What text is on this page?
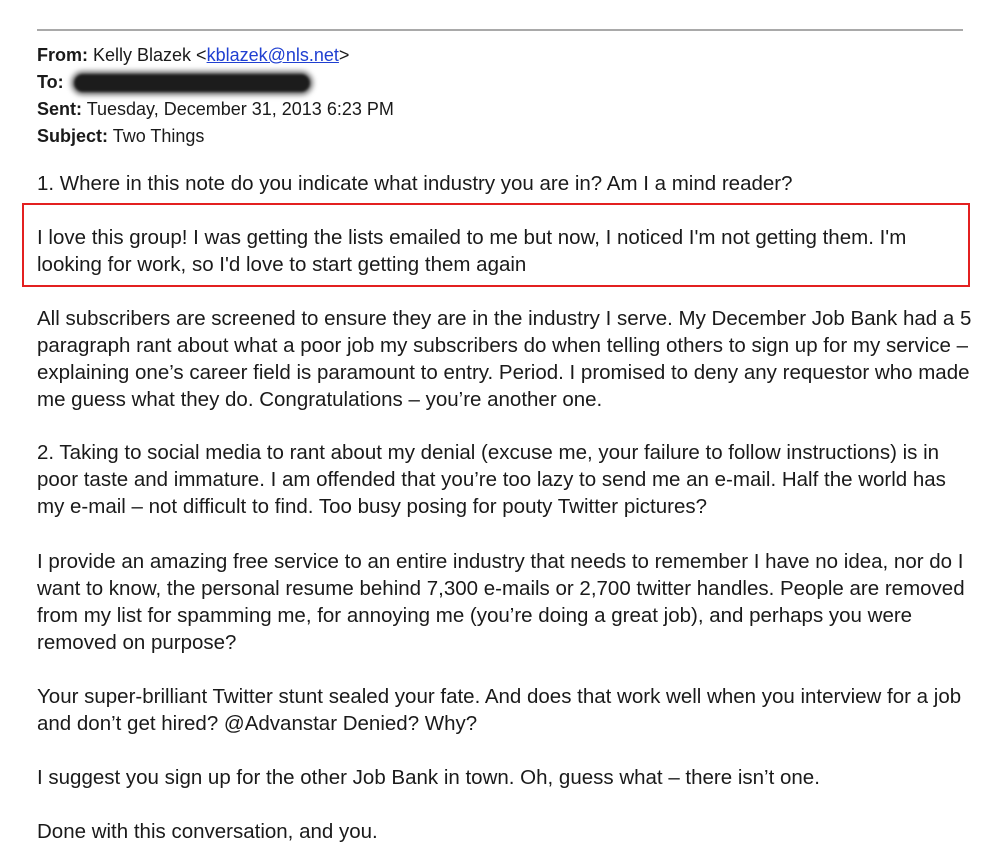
From: Kelly Blazek <kblazek@nls.net>
To:
Sent: Tuesday, December 31, 2013 6:23 PM
Subject: Two Things

1. Where in this note do you indicate what industry you are in? Am I a mind reader?

I love this group! I was getting the lists emailed to me but now, I noticed I'm not getting them. I'm looking for work, so I'd love to start getting them again

All subscribers are screened to ensure they are in the industry I serve. My December Job Bank had a 5 paragraph rant about what a poor job my subscribers do when telling others to sign up for my service – explaining one’s career field is paramount to entry. Period. I promised to deny any requestor who made me guess what they do. Congratulations – you’re another one.

2. Taking to social media to rant about my denial (excuse me, your failure to follow instructions) is in poor taste and immature. I am offended that you’re too lazy to send me an e-mail. Half the world has my e-mail – not difficult to find. Too busy posing for pouty Twitter pictures?

I provide an amazing free service to an entire industry that needs to remember I have no idea, nor do I want to know, the personal resume behind 7,300 e-mails or 2,700 twitter handles. People are removed from my list for spamming me, for annoying me (you’re doing a great job), and perhaps you were removed on purpose?

Your super-brilliant Twitter stunt sealed your fate. And does that work well when you interview for a job and don’t get hired? @Advanstar Denied? Why?

I suggest you sign up for the other Job Bank in town. Oh, guess what – there isn’t one.

Done with this conversation, and you.
